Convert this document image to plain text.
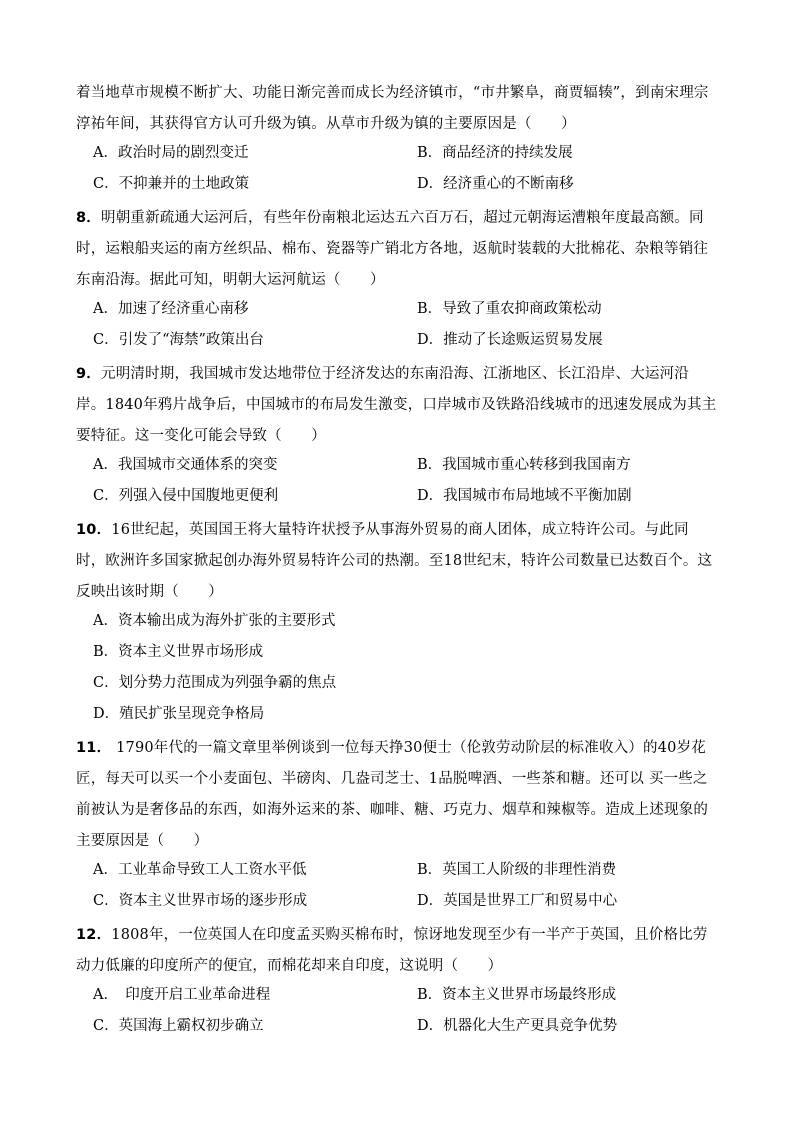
着当地草市规模不断扩大、功能日渐完善而成长为经济镇市，“市井繁阜，商贾辐辏”，到南宋理宗淳祐年间，其获得官方认可升级为镇。从草市升级为镇的主要原因是（　　）
A．政治时局的剧烈变迁	B．商品经济的持续发展
C．不抑兼并的土地政策	D．经济重心的不断南移
8．明朝重新疏通大运河后，有些年份南粮北运达五六百万石，超过元朝海运漕粮年度最高额。同时，运粮船夹运的南方丝织品、棉布、瓷器等广销北方各地，返航时装载的大批棉花、杂粮等销往东南沿海。据此可知，明朝大运河航运（　　）
A．加速了经济重心南移	B．导致了重农抑商政策松动
C．引发了“海禁”政策出台	D．推动了长途贩运贸易发展
9．元明清时期，我国城市发达地带位于经济发达的东南沿海、江浙地区、长江沿岸、大运河沿岸。1840年鸦片战争后，中国城市的布局发生激变，口岸城市及铁路沿线城市的迅速发展成为其主要特征。这一变化可能会导致（　　）
A．我国城市交通体系的突变	B．我国城市重心转移到我国南方
C．列强入侵中国腹地更便利	D．我国城市布局地域不平衡加剧
10．16世纪起，英国国王将大量特许状授予从事海外贸易的商人团体，成立特许公司。与此同时，欧洲许多国家掀起创办海外贸易特许公司的热潮。至18世纪末，特许公司数量已达数百个。这反映出该时期（　　）
A．资本输出成为海外扩张的主要形式
B．资本主义世界市场形成
C．划分势力范围成为列强争霸的焦点
D．殖民扩张呈现竞争格局
11． 1790年代的一篇文章里举例谈到一位每天挣30便士（伦敦劳动阶层的标准收入）的40岁花匠，每天可以买一个小麦面包、半磅肉、几盎司芝士、1品脱啤酒、一些茶和糖。还可以 买一些之前被认为是奢侈品的东西，如海外运来的茶、咖啡、糖、巧克力、烟草和辣椒等。造成上述现象的主要原因是（　　）
A．工业革命导致工人工资水平低	B．英国工人阶级的非理性消费
C．资本主义世界市场的逐步形成	D．英国是世界工厂和贸易中心
12．1808年，一位英国人在印度孟买购买棉布时，惊讶地发现至少有一半产于英国，且价格比劳动力低廉的印度所产的便宜，而棉花却来自印度，这说明（　　）
A．　印度开启工业革命进程	B．资本主义世界市场最终形成
C．英国海上霸权初步确立	D．机器化大生产更具竞争优势
